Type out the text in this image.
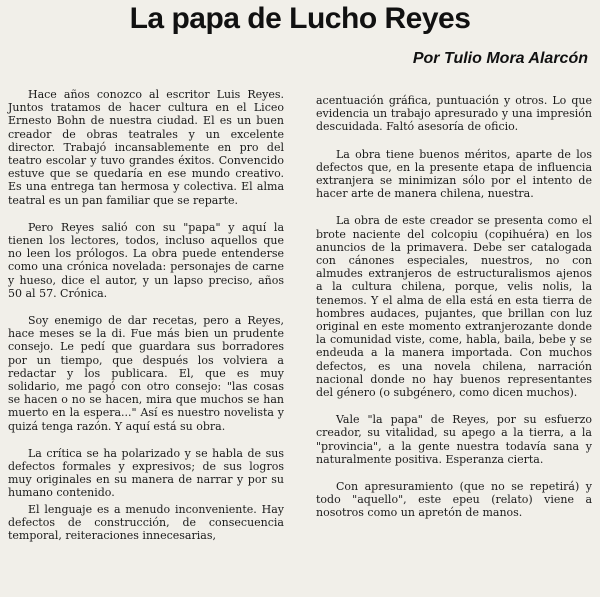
La papa de Lucho Reyes
Por Tulio Mora Alarcón

Hace años conozco al escritor Luis Reyes. Juntos tratamos de hacer cultura en el Liceo Ernesto Bohn de nuestra ciudad. El es un buen creador de obras teatrales y un excelente director. Trabajó incansablemente en pro del teatro escolar y tuvo grandes éxitos. Convencido estuve que se quedaría en ese mundo creativo. Es una entrega tan hermosa y colectiva. El alma teatral es un pan familiar que se reparte.

Pero Reyes salió con su "papa" y aquí la tienen los lectores, todos, incluso aquellos que no leen los prólogos. La obra puede entenderse como una crónica novelada: personajes de carne y hueso, dice el autor, y un lapso preciso, años 50 al 57. Crónica.

Soy enemigo de dar recetas, pero a Reyes, hace meses se la di. Fue más bien un prudente consejo. Le pedí que guardara sus borradores por un tiempo, que después los volviera a redactar y los publicara. El, que es muy solidario, me pagó con otro consejo: "las cosas se hacen o no se hacen, mira que muchos se han muerto en la espera..." Así es nuestro novelista y quizá tenga razón. Y aquí está su obra.

La crítica se ha polarizado y se habla de sus defectos formales y expresivos; de sus logros muy originales en su manera de narrar y por su humano contenido.

El lenguaje es a menudo inconveniente. Hay defectos de construcción, de consecuencia temporal, reiteraciones innecesarias,

acentuación gráfica, puntuación y otros. Lo que evidencia un trabajo apresurado y una impresión descuidada. Faltó asesoría de oficio.

La obra tiene buenos méritos, aparte de los defectos que, en la presente etapa de influencia extranjera se minimizan sólo por el intento de hacer arte de manera chilena, nuestra.

La obra de este creador se presenta como el brote naciente del colcopiu (copihuéra) en los anuncios de la primavera. Debe ser catalogada con cánones especiales, nuestros, no con almudes extranjeros de estructuralismos ajenos a la cultura chilena, porque, velis nolis, la tenemos. Y el alma de ella está en esta tierra de hombres audaces, pujantes, que brillan con luz original en este momento extranjerozante donde la comunidad viste, come, habla, baila, bebe y se endeuda a la manera importada. Con muchos defectos, es una novela chilena, narración nacional donde no hay buenos representantes del género (o subgénero, como dicen muchos).

Vale "la papa" de Reyes, por su esfuerzo creador, su vitalidad, su apego a la tierra, a la "provincia", a la gente nuestra todavía sana y naturalmente positiva. Esperanza cierta.

Con apresuramiento (que no se repetirá) y todo "aquello", este epeu (relato) viene a nosotros como un apretón de manos.
